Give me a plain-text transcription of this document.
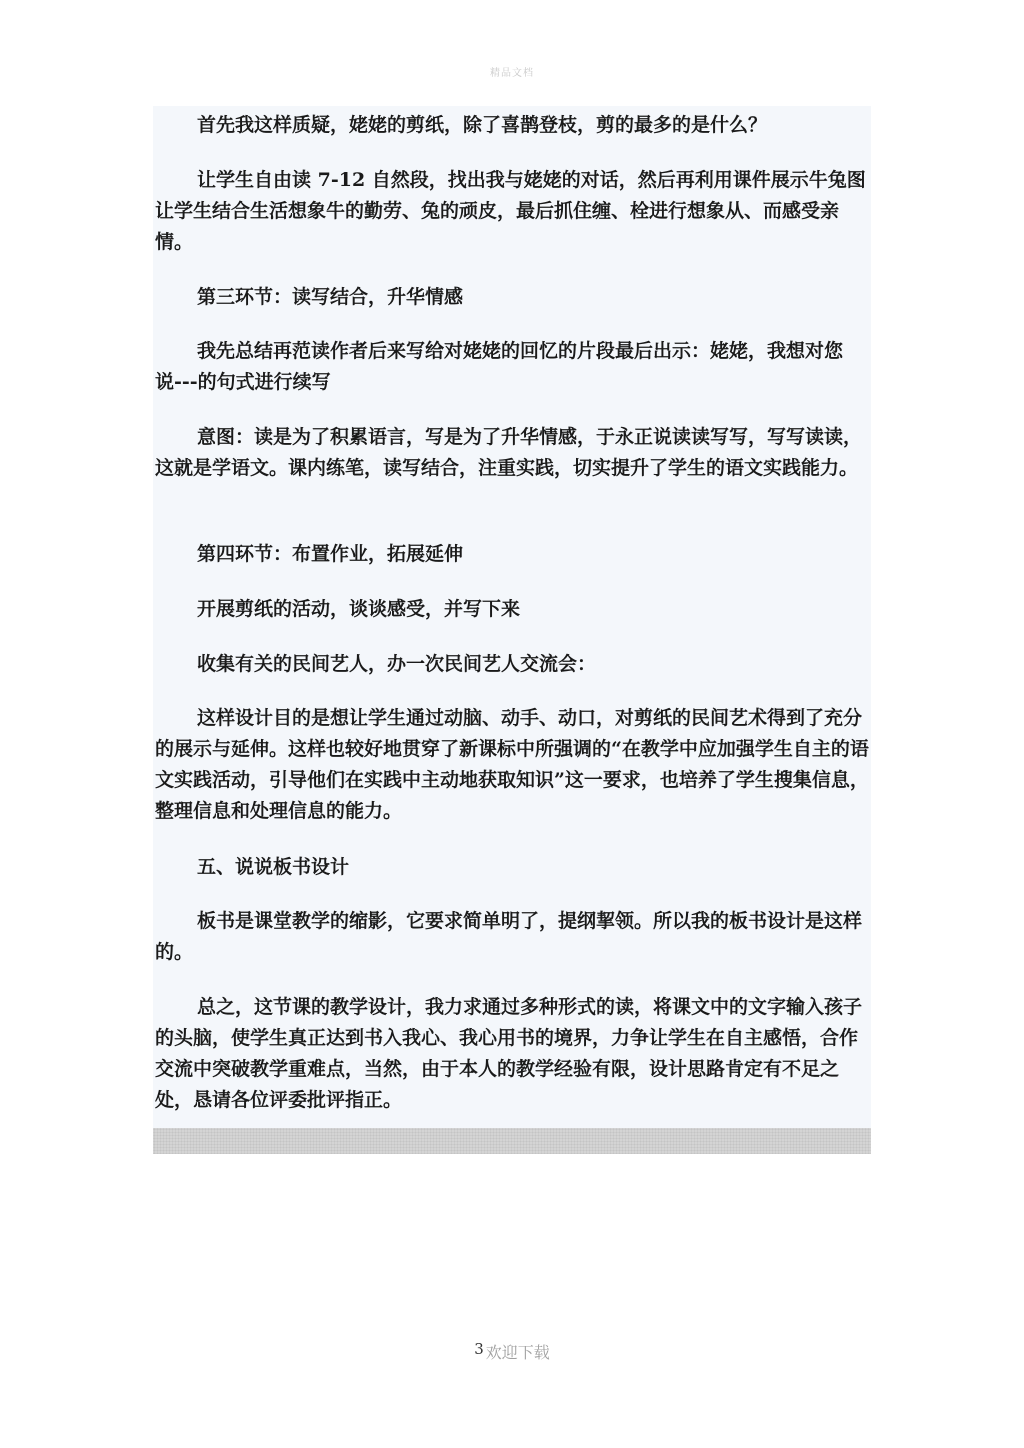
精品文档

首先我这样质疑，姥姥的剪纸，除了喜鹊登枝，剪的最多的是什么？

让学生自由读 7-12 自然段，找出我与姥姥的对话，然后再利用课件展示牛兔图让学生结合生活想象牛的勤劳、兔的顽皮，最后抓住缠、栓进行想象从、而感受亲情。

第三环节：读写结合，升华情感

我先总结再范读作者后来写给对姥姥的回忆的片段最后出示：姥姥，我想对您说---的句式进行续写

意图：读是为了积累语言，写是为了升华情感，于永正说读读写写，写写读读，这就是学语文。课内练笔，读写结合，注重实践，切实提升了学生的语文实践能力。

第四环节：布置作业，拓展延伸

开展剪纸的活动，谈谈感受，并写下来

收集有关的民间艺人，办一次民间艺人交流会：

这样设计目的是想让学生通过动脑、动手、动口，对剪纸的民间艺术得到了充分的展示与延伸。这样也较好地贯穿了新课标中所强调的“在教学中应加强学生自主的语文实践活动，引导他们在实践中主动地获取知识”这一要求，也培养了学生搜集信息，整理信息和处理信息的能力。

五、说说板书设计

板书是课堂教学的缩影，它要求简单明了，提纲挈领。所以我的板书设计是这样的。

总之，这节课的教学设计，我力求通过多种形式的读，将课文中的文字输入孩子的头脑，使学生真正达到书入我心、我心用书的境界，力争让学生在自主感悟，合作交流中突破教学重难点，当然，由于本人的教学经验有限，设计思路肯定有不足之处，恳请各位评委批评指正。

3 欢迎下载
